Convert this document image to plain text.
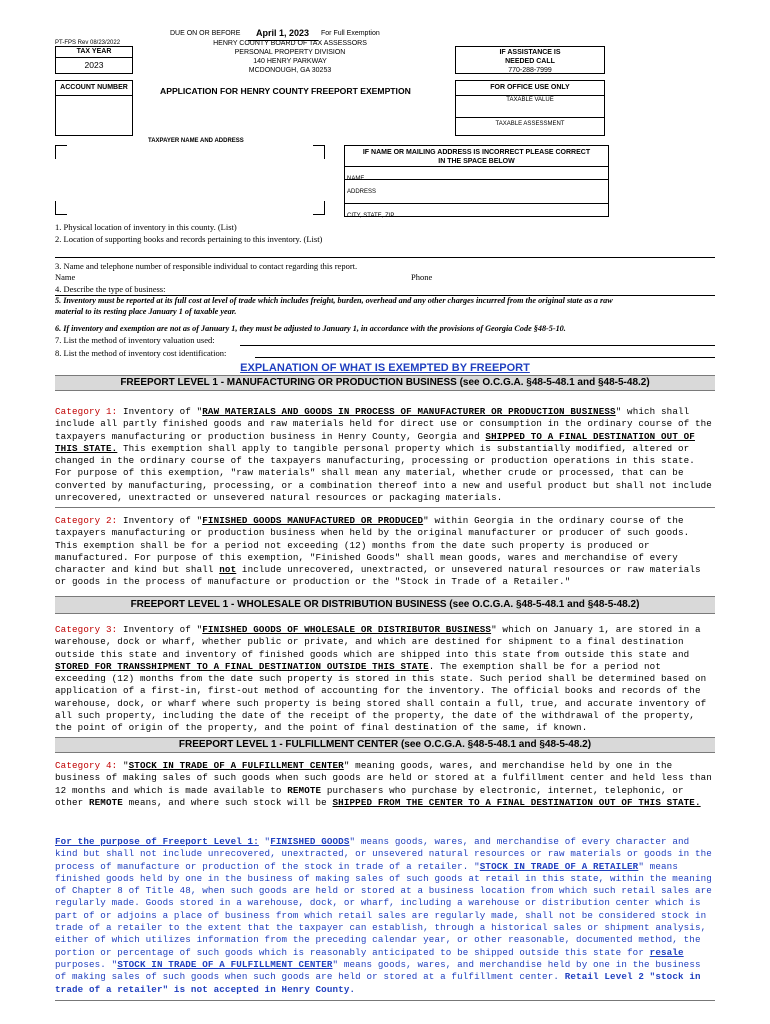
DUE ON OR BEFORE April 1, 2023 For Full Exemption
HENRY COUNTY BOARD OF TAX ASSESSORS
PERSONAL PROPERTY DIVISION
140 HENRY PARKWAY
MCDONOUGH, GA 30253
PT-FPS Rev 08/23/2022
TAX YEAR
2023
IF ASSISTANCE IS NEEDED CALL
770-288-7999
ACCOUNT NUMBER	APPLICATION FOR HENRY COUNTY FREEPORT EXEMPTION	FOR OFFICE USE ONLY
TAXABLE VALUE
TAXABLE ASSESSMENT
TAXPAYER NAME AND ADDRESS
IF NAME OR MAILING ADDRESS IS INCORRECT PLEASE CORRECT IN THE SPACE BELOW
NAME
ADDRESS
CITY, STATE, ZIP
1. Physical location of inventory in this county. (List)
2. Location of supporting books and records pertaining to this inventory. (List)
3. Name and telephone number of responsible individual to contact regarding this report.
Name	Phone
4. Describe the type of business:
5. Inventory must be reported at its full cost at level of trade which includes freight, burden, overhead and any other charges incurred from the original state as a raw material to its resting place January 1 of taxable year.
6. If inventory and exemption are not as of January 1, they must be adjusted to January 1, in accordance with the provisions of Georgia Code §48-5-10.
7. List the method of inventory valuation used:
8. List the method of inventory cost identification:
EXPLANATION OF WHAT IS EXEMPTED BY FREEPORT
FREEPORT LEVEL 1 - MANUFACTURING OR PRODUCTION BUSINESS (see O.C.G.A. §48-5-48.1 and §48-5-48.2)
Category 1: Inventory of "RAW MATERIALS AND GOODS IN PROCESS OF MANUFACTURER OR PRODUCTION BUSINESS" which shall include all partly finished goods and raw materials held for direct use or consumption in the ordinary course of the taxpayers manufacturing or production business in Henry County, Georgia and SHIPPED TO A FINAL DESTINATION OUT OF THIS STATE. This exemption shall apply to tangible personal property which is substantially modified, altered or changed in the ordinary course of the taxpayers manufacturing, processing or production operations in this state. For purpose of this exemption, "raw materials" shall mean any material, whether crude or processed, that can be converted by manufacturing, processing, or a combination thereof into a new and useful product but shall not include unrecovered, unextracted or unsevered natural resources or packaging materials.
Category 2: Inventory of "FINISHED GOODS MANUFACTURED OR PRODUCED" within Georgia in the ordinary course of the taxpayers manufacturing or production business when held by the original manufacturer or producer of such goods. This exemption shall be for a period not exceeding (12) months from the date such property is produced or manufactured. For purpose of this exemption, "Finished Goods" shall mean goods, wares and merchandise of every character and kind but shall not include unrecovered, unextracted, or unsevered natural resources or raw materials or goods in the process of manufacture or production or the "Stock in Trade of a Retailer."
FREEPORT LEVEL 1 - WHOLESALE OR DISTRIBUTION BUSINESS (see O.C.G.A. §48-5-48.1 and §48-5-48.2)
Category 3: Inventory of "FINISHED GOODS OF WHOLESALE OR DISTRIBUTOR BUSINESS" which on January 1, are stored in a warehouse, dock or wharf, whether public or private, and which are destined for shipment to a final destination outside this state and inventory of finished goods which are shipped into this state from outside this state and STORED FOR TRANSSHIPMENT TO A FINAL DESTINATION OUTSIDE THIS STATE. The exemption shall be for a period not exceeding (12) months from the date such property is stored in this state. Such period shall be determined based on application of a first-in, first-out method of accounting for the inventory. The official books and records of the warehouse, dock, or wharf where such property is being stored shall contain a full, true, and accurate inventory of all such property, including the date of the receipt of the property, the date of the withdrawal of the property, the point of origin of the property, and the point of final destination of the same, if known.
FREEPORT LEVEL 1 - FULFILLMENT CENTER (see O.C.G.A. §48-5-48.1 and §48-5-48.2)
Category 4: "STOCK IN TRADE OF A FULFILLMENT CENTER" meaning goods, wares, and merchandise held by one in the business of making sales of such goods when such goods are held or stored at a fulfillment center and held less than 12 months and which is made available to REMOTE purchasers who purchase by electronic, internet, telephonic, or other REMOTE means, and where such stock will be SHIPPED FROM THE CENTER TO A FINAL DESTINATION OUT OF THIS STATE.
For the purpose of Freeport Level 1: "FINISHED GOODS" means goods, wares, and merchandise of every character and kind but shall not include unrecovered, unextracted, or unsevered natural resources or raw materials or goods in the process of manufacture or production of the stock in trade of a retailer. "STOCK IN TRADE OF A RETAILER" means finished goods held by one in the business of making sales of such goods at retail in this state, within the meaning of Chapter 8 of Title 48, when such goods are held or stored at a business location from which such retail sales are regularly made. Goods stored in a warehouse, dock, or wharf, including a warehouse or distribution center which is part of or adjoins a place of business from which retail sales are regularly made, shall not be considered stock in trade of a retailer to the extent that the taxpayer can establish, through a historical sales or shipment analysis, either of which utilizes information from the preceding calendar year, or other reasonable, documented method, the portion or percentage of such goods which is reasonably anticipated to be shipped outside this state for resale purposes. "STOCK IN TRADE OF A FULFILLMENT CENTER" means goods, wares, and merchandise held by one in the business of making sales of such goods when such goods are held or stored at a fulfillment center. Retail Level 2 "stock in trade of a retailer" is not accepted in Henry County.
